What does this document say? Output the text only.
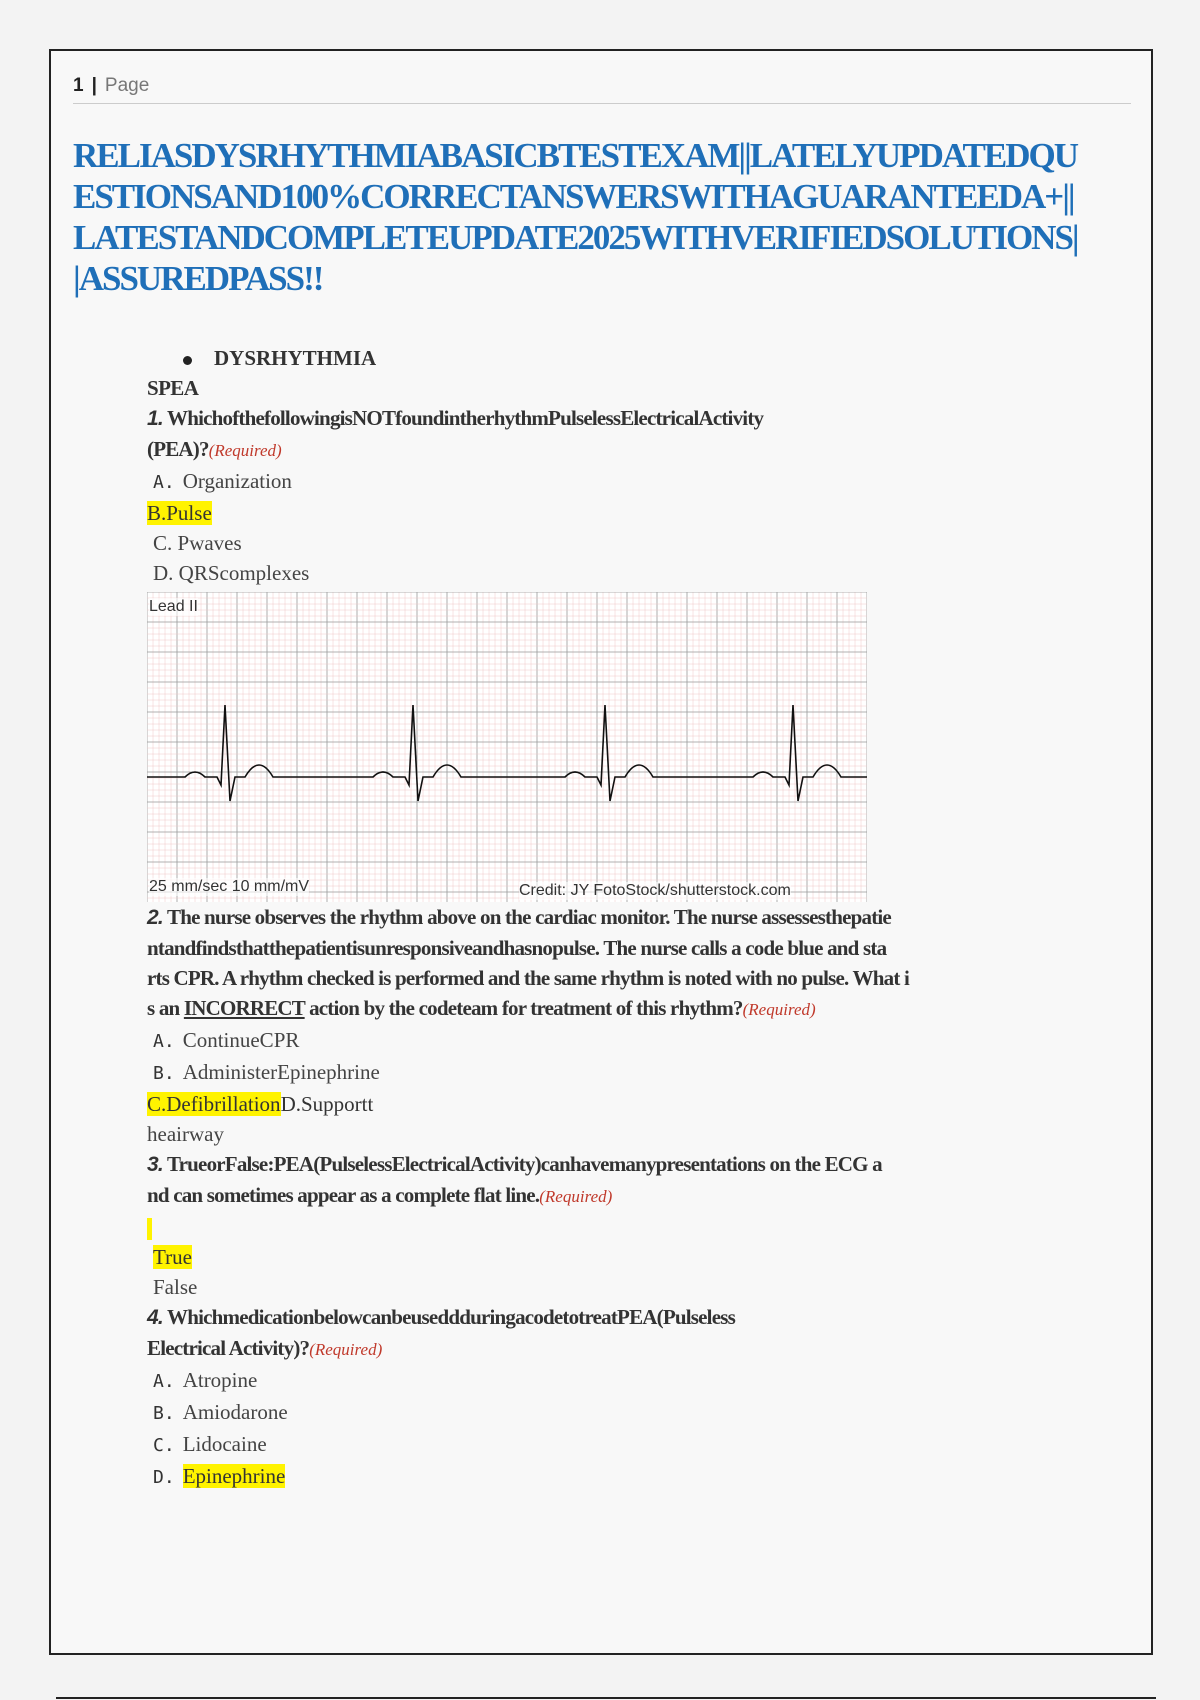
1 | Page
RELIASDYSRHYTHMIABASICBTESTEXAM||LATELYUPDATEDQUESTIONSAND100%CORRECTANSWERSWITHAGUARANTEEDA+||LATESTANDCOMPLETEUPDATE2025WITHVERIFIEDSOLUTIONS||ASSUREDPASS!!

DYSRHYTHMIA

SPEA

1. WhichofthefollowingisNOTfoundintherhythmPulselessElectricalActivity

(PEA)?(Required)

A. Organization

B.Pulse

C. Pwaves

D. QRScomplexes

Lead II
25 mm/sec 10 mm/mV	Credit: JY FotoStock/shutterstock.com

2. The nurse observes the rhythm above on the cardiac monitor. The nurse assessesthepatie

ntandfindsthatthepatientisunresponsiveandhasnopulse. The nurse calls a code blue and sta

rts CPR. A rhythm checked is performed and the same rhythm is noted with no pulse. What i

s an INCORRECT action by the codeteam for treatment of this rhythm?(Required)

A. ContinueCPR

B. AdministerEpinephrine

C.DefibrillationD.Supportt

heairway

3. TrueorFalse:PEA(PulselessElectricalActivity)canhavemanypresentations on the ECG a

nd can sometimes appear as a complete flat line.(Required)

True

False

4. WhichmedicationbelowcanbeuseddduringacodetotreatPEA(Pulseless

Electrical Activity)?(Required)

A. Atropine

B. Amiodarone

C. Lidocaine

D. Epinephrine
